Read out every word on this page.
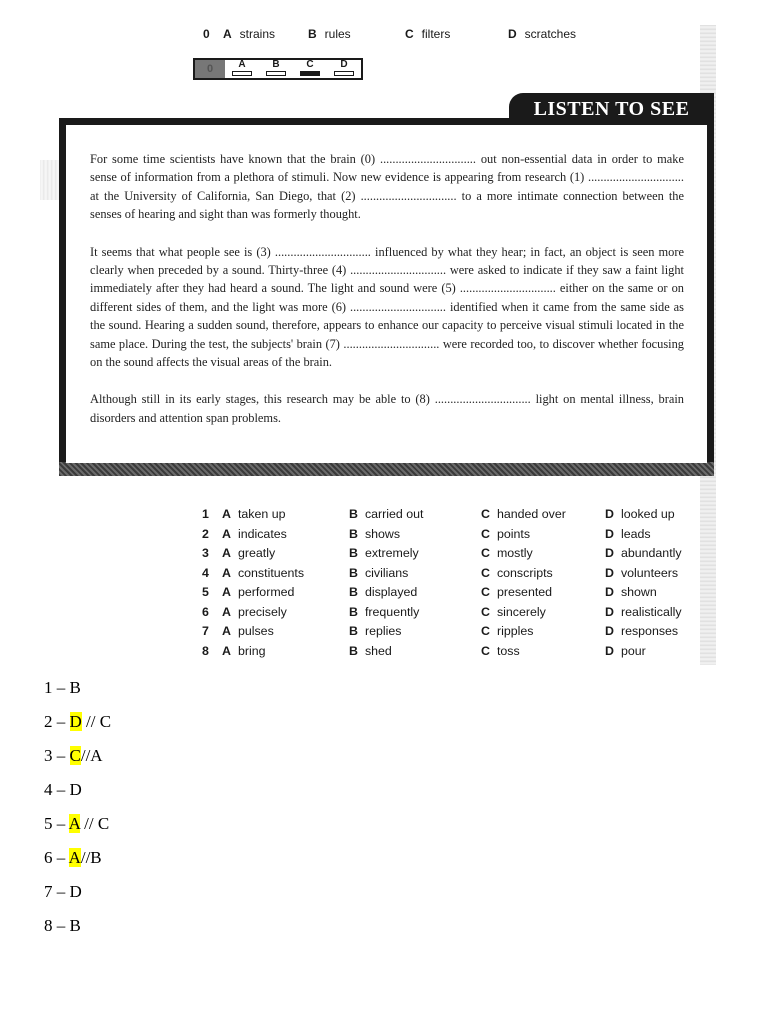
0 A strains	B rules	C filters	D scratches
0	A	B	C	D
LISTEN TO SEE

For some time scientists have known that the brain (0) ............................... out non-essential data in order to make sense of information from a plethora of stimuli. Now new evidence is appearing from research (1) ............................... at the University of California, San Diego, that (2) ............................... to a more intimate connection between the senses of hearing and sight than was formerly thought.

It seems that what people see is (3) ............................... influenced by what they hear; in fact, an object is seen more clearly when preceded by a sound. Thirty-three (4) ............................... were asked to indicate if they saw a faint light immediately after they had heard a sound. The light and sound were (5) ............................... either on the same or on different sides of them, and the light was more (6) ............................... identified when it came from the same side as the sound. Hearing a sudden sound, therefore, appears to enhance our capacity to perceive visual stimuli located in the same place. During the test, the subjects' brain (7) ............................... were recorded too, to discover whether focusing on the sound affects the visual areas of the brain.

Although still in its early stages, this research may be able to (8) ............................... light on mental illness, brain disorders and attention span problems.

1 A taken up	B carried out	C handed over	D looked up
2 A indicates	B shows	C points	D leads
3 A greatly	B extremely	C mostly	D abundantly
4 A constituents	B civilians	C conscripts	D volunteers
5 A performed	B displayed	C presented	D shown
6 A precisely	B frequently	C sincerely	D realistically
7 A pulses	B replies	C ripples	D responses
8 A bring	B shed	C toss	D pour
1 – B
2 – D // C
3 – C//A
4 – D
5 – A // C
6 – A//B
7 – D
8 – B
